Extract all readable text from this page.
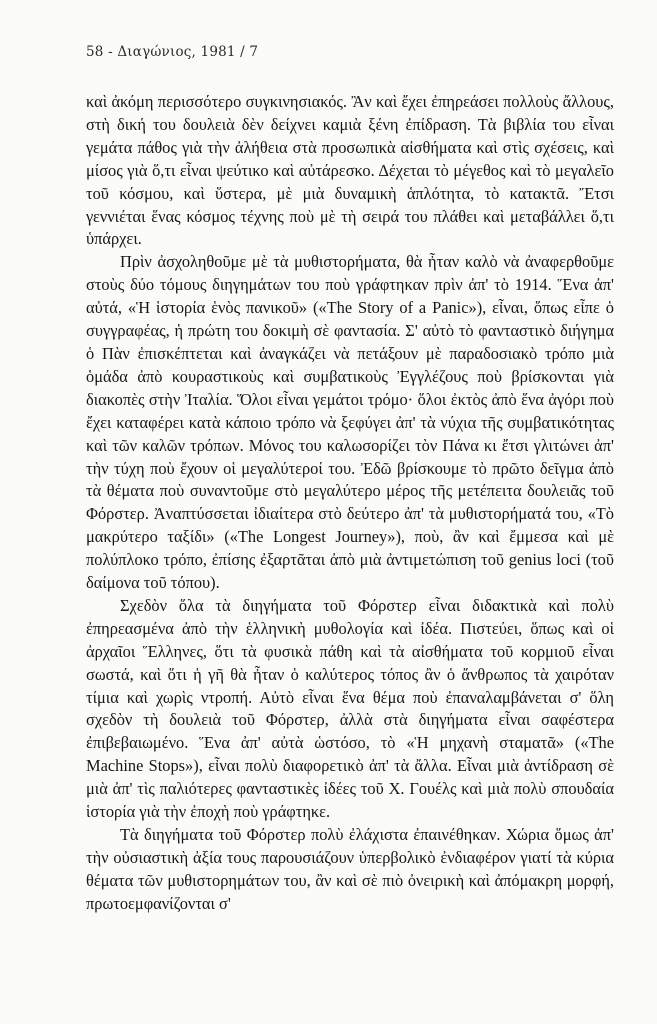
58 - Διαγώνιος, 1981 / 7

καὶ ἀκόμη περισσότερο συγκινησιακός. Ἂν καὶ ἔχει ἐπηρεάσει πολλοὺς ἄλλους, στὴ δική του δουλειὰ δὲν δείχνει καμιὰ ξένη ἐπίδραση. Τὰ βιβλία του εἶναι γεμάτα πάθος γιὰ τὴν ἀλήθεια στὰ προσωπικὰ αἰσθήματα καὶ στὶς σχέσεις, καὶ μίσος γιὰ ὅ,τι εἶναι ψεύτικο καὶ αὐτάρεσκο. Δέχεται τὸ μέγεθος καὶ τὸ μεγαλεῖο τοῦ κόσμου, καὶ ὕστερα, μὲ μιὰ δυναμικὴ ἁπλότητα, τὸ κατακτᾶ. Ἔτσι γεννιέται ἕνας κόσμος τέχνης ποὺ μὲ τὴ σειρά του πλάθει καὶ μεταβάλλει ὅ,τι ὑπάρχει.

Πρὶν ἀσχοληθοῦμε μὲ τὰ μυθιστορήματα, θὰ ἦταν καλὸ νὰ ἀναφερθοῦμε στοὺς δύο τόμους διηγημάτων του ποὺ γράφτηκαν πρὶν ἀπ' τὸ 1914. Ἕνα ἀπ' αὐτά, «Ἡ ἱστορία ἑνὸς πανικοῦ» («The Story of a Panic»), εἶναι, ὅπως εἶπε ὁ συγγραφέας, ἡ πρώτη του δοκιμὴ σὲ φαντασία. Σ' αὐτὸ τὸ φανταστικὸ διήγημα ὁ Πὰν ἐπισκέπτεται καὶ ἀναγκάζει νὰ πετάξουν μὲ παραδοσιακὸ τρόπο μιὰ ὁμάδα ἀπὸ κουραστικοὺς καὶ συμβατικοὺς Ἐγγλέζους ποὺ βρίσκονται γιὰ διακοπὲς στὴν Ἰταλία. Ὅλοι εἶναι γεμάτοι τρόμο· ὅλοι ἐκτὸς ἀπὸ ἕνα ἀγόρι ποὺ ἔχει καταφέρει κατὰ κάποιο τρόπο νὰ ξεφύγει ἀπ' τὰ νύχια τῆς συμβατικότητας καὶ τῶν καλῶν τρόπων. Μόνος του καλωσορίζει τὸν Πάνα κι ἔτσι γλιτώνει ἀπ' τὴν τύχη ποὺ ἔχουν οἱ μεγαλύτεροί του. Ἐδῶ βρίσκουμε τὸ πρῶτο δεῖγμα ἀπὸ τὰ θέματα ποὺ συναντοῦμε στὸ μεγαλύτερο μέρος τῆς μετέπειτα δουλειᾶς τοῦ Φόρστερ. Ἀναπτύσσεται ἰδιαίτερα στὸ δεύτερο ἀπ' τὰ μυθιστορήματά του, «Τὸ μακρύτερο ταξίδι» («The Longest Journey»), ποὺ, ἂν καὶ ἔμμεσα καὶ μὲ πολύπλοκο τρόπο, ἐπίσης ἐξαρτᾶται ἀπὸ μιὰ ἀντιμετώπιση τοῦ genius loci (τοῦ δαίμονα τοῦ τόπου).

Σχεδὸν ὅλα τὰ διηγήματα τοῦ Φόρστερ εἶναι διδακτικὰ καὶ πολὺ ἐπηρεασμένα ἀπὸ τὴν ἑλληνικὴ μυθολογία καὶ ἰδέα. Πιστεύει, ὅπως καὶ οἱ ἀρχαῖοι Ἕλληνες, ὅτι τὰ φυσικὰ πάθη καὶ τὰ αἰσθήματα τοῦ κορμιοῦ εἶναι σωστά, καὶ ὅτι ἡ γῆ θὰ ἦταν ὁ καλύτερος τόπος ἂν ὁ ἄνθρωπος τὰ χαιρόταν τίμια καὶ χωρὶς ντροπή. Αὐτὸ εἶναι ἕνα θέμα ποὺ ἐπαναλαμβάνεται σ' ὅλη σχεδὸν τὴ δουλειὰ τοῦ Φόρστερ, ἀλλὰ στὰ διηγήματα εἶναι σαφέστερα ἐπιβεβαιωμένο. Ἕνα ἀπ' αὐτὰ ὡστόσο, τὸ «Ἡ μηχανὴ σταματᾶ» («The Machine Stops»), εἶναι πολὺ διαφορετικὸ ἀπ' τὰ ἄλλα. Εἶναι μιὰ ἀντίδραση σὲ μιὰ ἀπ' τὶς παλιότερες φανταστικὲς ἰδέες τοῦ Χ. Γουέλς καὶ μιὰ πολὺ σπουδαία ἱστορία γιὰ τὴν ἐποχὴ ποὺ γράφτηκε.

Τὰ διηγήματα τοῦ Φόρστερ πολὺ ἐλάχιστα ἐπαινέθηκαν. Χώρια ὅμως ἀπ' τὴν οὐσιαστικὴ ἀξία τους παρουσιάζουν ὑπερβολικὸ ἐνδιαφέρον γιατί τὰ κύρια θέματα τῶν μυθιστορημάτων του, ἂν καὶ σὲ πιὸ ὀνειρικὴ καὶ ἀπόμακρη μορφή, πρωτοεμφανίζονται σ'
